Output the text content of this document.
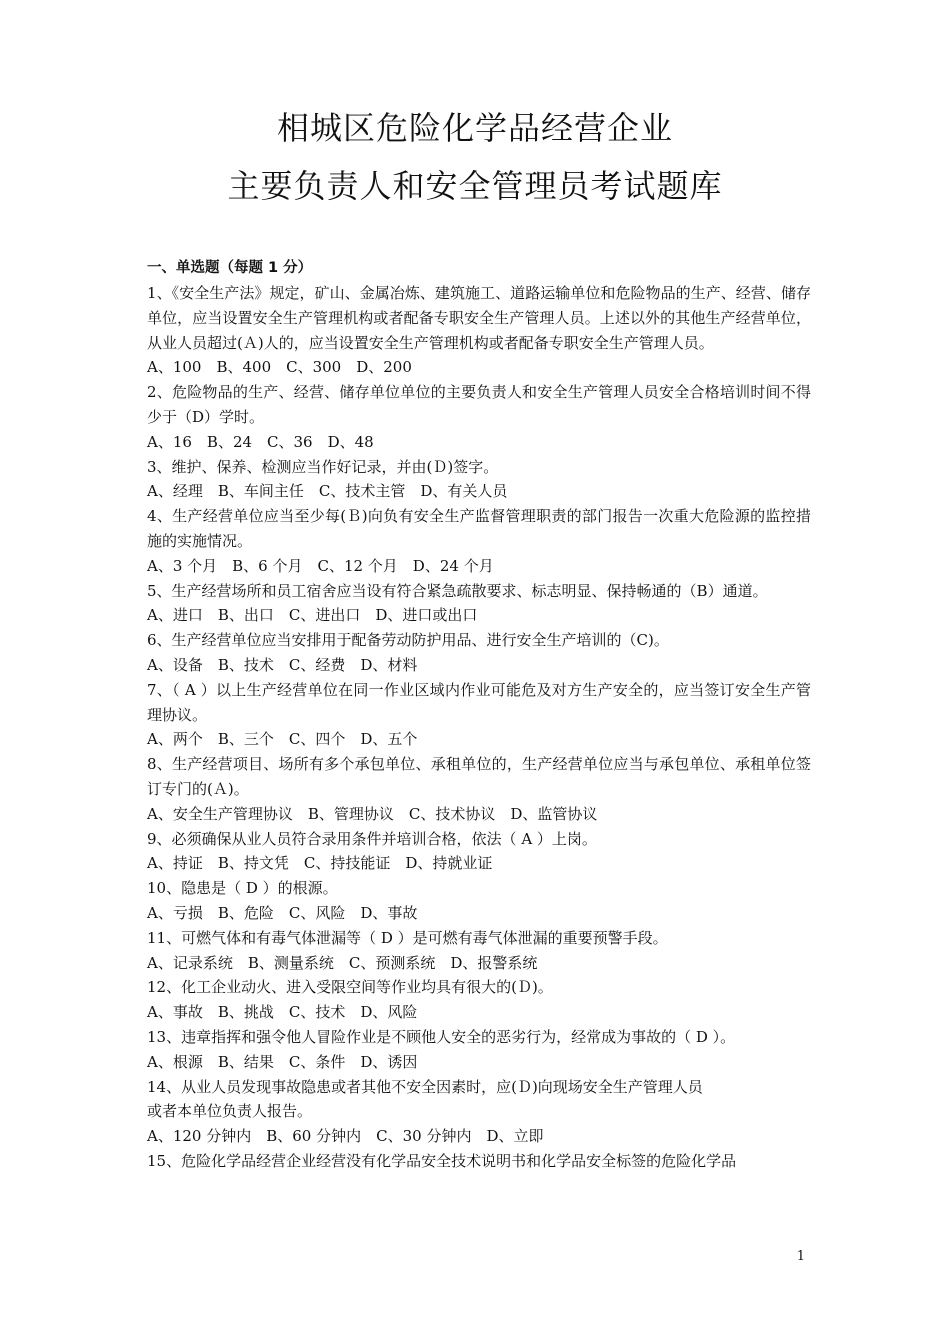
相城区危险化学品经营企业
主要负责人和安全管理员考试题库
一、单选题（每题 1 分）

1、《安全生产法》规定，矿山、金属冶炼、建筑施工、道路运输单位和危险物品的生产、经营、储存单位，应当设置安全生产管理机构或者配备专职安全生产管理人员。上述以外的其他生产经营单位，从业人员超过(Ａ)人的，应当设置安全生产管理机构或者配备专职安全生产管理人员。

A、100　B、400　C、300　D、200

2、危险物品的生产、经营、储存单位单位的主要负责人和安全生产管理人员安全合格培训时间不得少于（D）学时。

A、16　B、24　C、36　D、48

3、维护、保养、检测应当作好记录，并由(Ｄ)签字。

A、经理　B、车间主任　C、技术主管　D、有关人员

4、生产经营单位应当至少每(Ｂ)向负有安全生产监督管理职责的部门报告一次重大危险源的监控措施的实施情况。

A、3 个月　B、6 个月　C、12 个月　D、24 个月

5、生产经营场所和员工宿舍应当设有符合紧急疏散要求、标志明显、保持畅通的（B）通道。

A、进口　B、出口　C、进出口　D、进口或出口

6、生产经营单位应当安排用于配备劳动防护用品、进行安全生产培训的（C)。

A、设备　B、技术　C、经费　D、材料

7、（ A ）以上生产经营单位在同一作业区域内作业可能危及对方生产安全的，应当签订安全生产管理协议。

A、两个　B、三个　C、四个　D、五个

8、生产经营项目、场所有多个承包单位、承租单位的，生产经营单位应当与承包单位、承租单位签订专门的(Ａ)。

A、安全生产管理协议　B、管理协议　C、技术协议　D、监管协议

9、必须确保从业人员符合录用条件并培训合格，依法（ A ）上岗。

A、持证　B、持文凭　C、持技能证　D、持就业证

10、隐患是（ D ）的根源。

A、亏损　B、危险　C、风险　D、事故

11、可燃气体和有毒气体泄漏等（ D ）是可燃有毒气体泄漏的重要预警手段。

A、记录系统　B、测量系统　C、预测系统　D、报警系统

12、化工企业动火、进入受限空间等作业均具有很大的(Ｄ)。

A、事故　B、挑战　C、技术　D、风险

13、违章指挥和强令他人冒险作业是不顾他人安全的恶劣行为，经常成为事故的（ D ）。

A、根源　B、结果　C、条件　D、诱因

14、从业人员发现事故隐患或者其他不安全因素时，应(Ｄ)向现场安全生产管理人员

或者本单位负责人报告。

A、120 分钟内　B、60 分钟内　C、30 分钟内　D、立即

15、危险化学品经营企业经营没有化学品安全技术说明书和化学品安全标签的危险化学品

1
